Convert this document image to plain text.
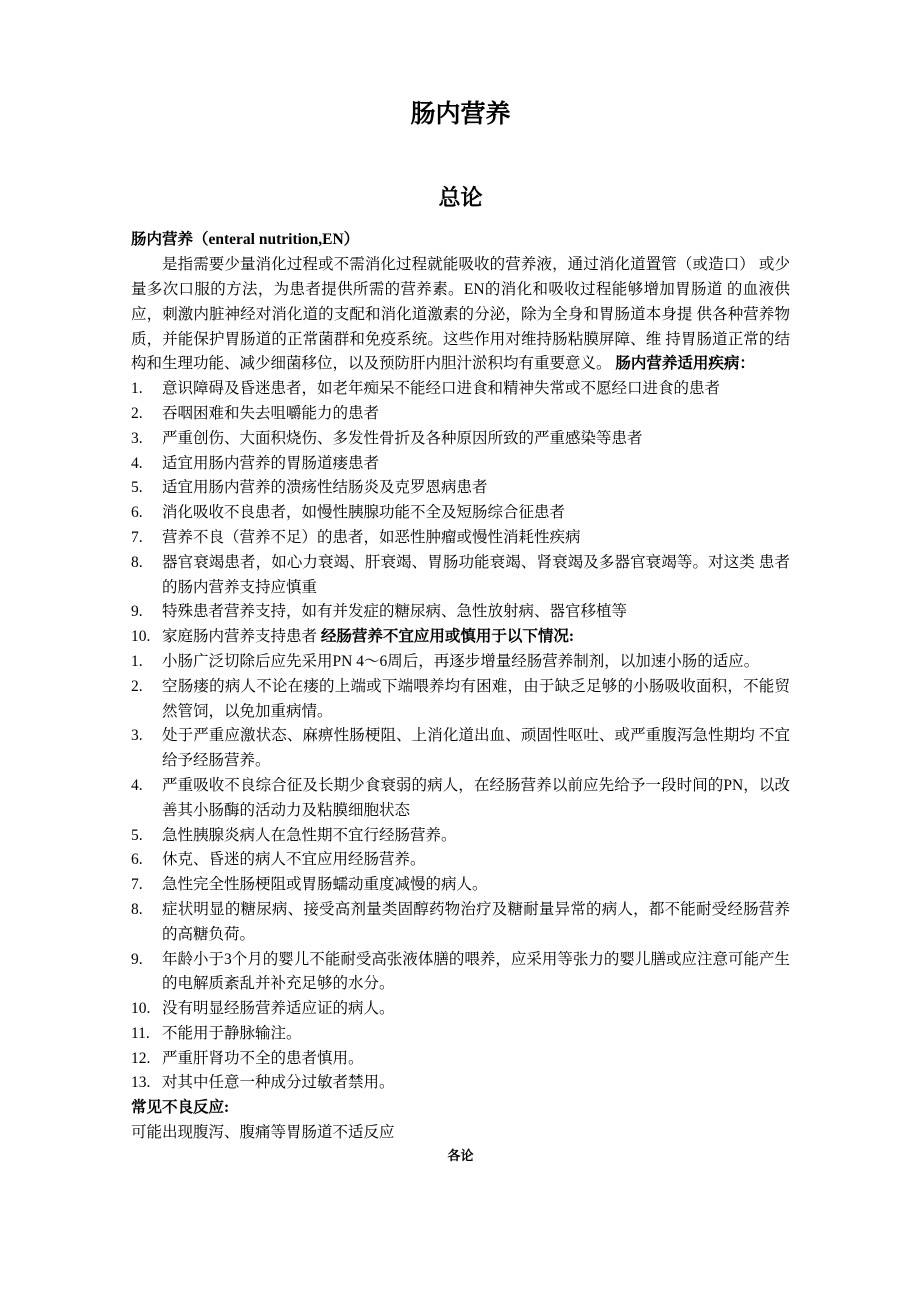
肠内营养
总论

肠内营养（enteral nutrition,EN）

是指需要少量消化过程或不需消化过程就能吸收的营养液，通过消化道置管（或造口） 或少量多次口服的方法，为患者提供所需的营养素。EN的消化和吸收过程能够增加胃肠道 的血液供应，刺激内脏神经对消化道的支配和消化道激素的分泌，除为全身和胃肠道本身提 供各种营养物质，并能保护胃肠道的正常菌群和免疫系统。这些作用对维持肠粘膜屏障、维 持胃肠道正常的结构和生理功能、减少细菌移位，以及预防肝内胆汁淤积均有重要意义。 肠内营养适用疾病：

1.	意识障碍及昏迷患者，如老年痴呆不能经口进食和精神失常或不愿经口进食的患者
2.	吞咽困难和失去咀嚼能力的患者
3.	严重创伤、大面积烧伤、多发性骨折及各种原因所致的严重感染等患者
4.	适宜用肠内营养的胃肠道瘘患者
5.	适宜用肠内营养的溃疡性结肠炎及克罗恩病患者
6.	消化吸收不良患者，如慢性胰腺功能不全及短肠综合征患者
7.	营养不良（营养不足）的患者，如恶性肿瘤或慢性消耗性疾病
8.	器官衰竭患者，如心力衰竭、肝衰竭、胃肠功能衰竭、肾衰竭及多器官衰竭等。对这类 患者的肠内营养支持应慎重
9.	特殊患者营养支持，如有并发症的糖尿病、急性放射病、器官移植等
10. 家庭肠内营养支持患者 经肠营养不宜应用或慎用于以下情况:
1.	小肠广泛切除后应先采用PN 4～6周后，再逐步增量经肠营养制剂，以加速小肠的适应。
2.	空肠瘘的病人不论在瘘的上端或下端喂养均有困难，由于缺乏足够的小肠吸收面积，不能贸然管饲，以免加重病情。
3.	处于严重应激状态、麻痹性肠梗阻、上消化道出血、顽固性呕吐、或严重腹泻急性期均 不宜给予经肠营养。
4.	严重吸收不良综合征及长期少食衰弱的病人，在经肠营养以前应先给予一段时间的PN，以改善其小肠酶的活动力及粘膜细胞状态
5.	急性胰腺炎病人在急性期不宜行经肠营养。
6.	休克、昏迷的病人不宜应用经肠营养。
7.	急性完全性肠梗阻或胃肠蠕动重度减慢的病人。
8.	症状明显的糖尿病、接受高剂量类固醇药物治疗及糖耐量异常的病人，都不能耐受经肠营养的高糖负荷。
9.	年龄小于3个月的婴儿不能耐受高张液体膳的喂养，应采用等张力的婴儿膳或应注意可能产生的电解质紊乱并补充足够的水分。
10. 没有明显经肠营养适应证的病人。
11. 不能用于静脉输注。
12. 严重肝肾功不全的患者慎用。
13. 对其中任意一种成分过敏者禁用。

常见不良反应:

可能出现腹泻、腹痛等胃肠道不适反应

各论
